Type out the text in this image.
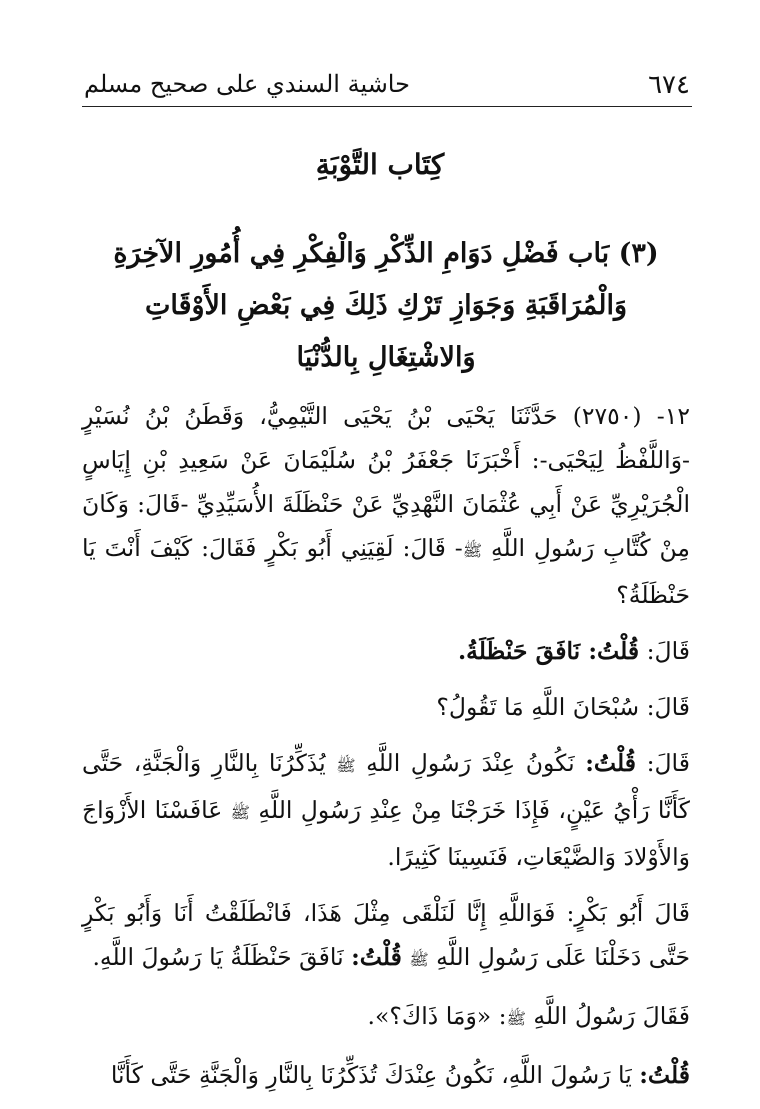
٦٧٤
حاشية السندي على صحيح مسلم
كِتَاب التَّوْبَةِ
(٣) بَاب فَضْلِ دَوَامِ الذِّكْرِ وَالْفِكْرِ فِي أُمُورِ الآخِرَةِ
وَالْمُرَاقَبَةِ وَجَوَازِ تَرْكِ ذَلِكَ فِي بَعْضِ الأَوْقَاتِ
وَالاشْتِغَالِ بِالدُّنْيَا

١٢- (٢٧٥٠) حَدَّثَنَا يَحْيَى بْنُ يَحْيَى التَّيْمِيُّ، وَقَطَنُ بْنُ نُسَيْرٍ -وَاللَّفْظُ لِيَحْيَى-: أَخْبَرَنَا جَعْفَرُ بْنُ سُلَيْمَانَ عَنْ سَعِيدِ بْنِ إِيَاسٍ الْجُرَيْرِيِّ عَنْ أَبِي عُثْمَانَ النَّهْدِيِّ عَنْ حَنْظَلَةَ الأُسَيِّدِيِّ -قَالَ: وَكَانَ مِنْ كُتَّابِ رَسُولِ اللَّهِ ﷺ- قَالَ: لَقِيَنِي أَبُو بَكْرٍ فَقَالَ: كَيْفَ أَنْتَ يَا حَنْظَلَةُ؟

قَالَ: قُلْتُ: نَافَقَ حَنْظَلَةُ.

قَالَ: سُبْحَانَ اللَّهِ مَا تَقُولُ؟

قَالَ: قُلْتُ: نَكُونُ عِنْدَ رَسُولِ اللَّهِ ﷺ يُذَكِّرُنَا بِالنَّارِ وَالْجَنَّةِ، حَتَّى كَأَنَّا رَأْيُ عَيْنٍ، فَإِذَا خَرَجْنَا مِنْ عِنْدِ رَسُولِ اللَّهِ ﷺ عَافَسْنَا الأَزْوَاجَ وَالأَوْلادَ وَالضَّيْعَاتِ، فَنَسِينَا كَثِيرًا.

قَالَ أَبُو بَكْرٍ: فَوَاللَّهِ إِنَّا لَنَلْقَى مِثْلَ هَذَا، فَانْطَلَقْتُ أَنَا وَأَبُو بَكْرٍ حَتَّى دَخَلْنَا عَلَى رَسُولِ اللَّهِ ﷺ قُلْتُ: نَافَقَ حَنْظَلَةُ يَا رَسُولَ اللَّهِ.

فَقَالَ رَسُولُ اللَّهِ ﷺ: «وَمَا ذَاكَ؟».

قُلْتُ: يَا رَسُولَ اللَّهِ، نَكُونُ عِنْدَكَ تُذَكِّرُنَا بِالنَّارِ وَالْجَنَّةِ حَتَّى كَأَنَّا
